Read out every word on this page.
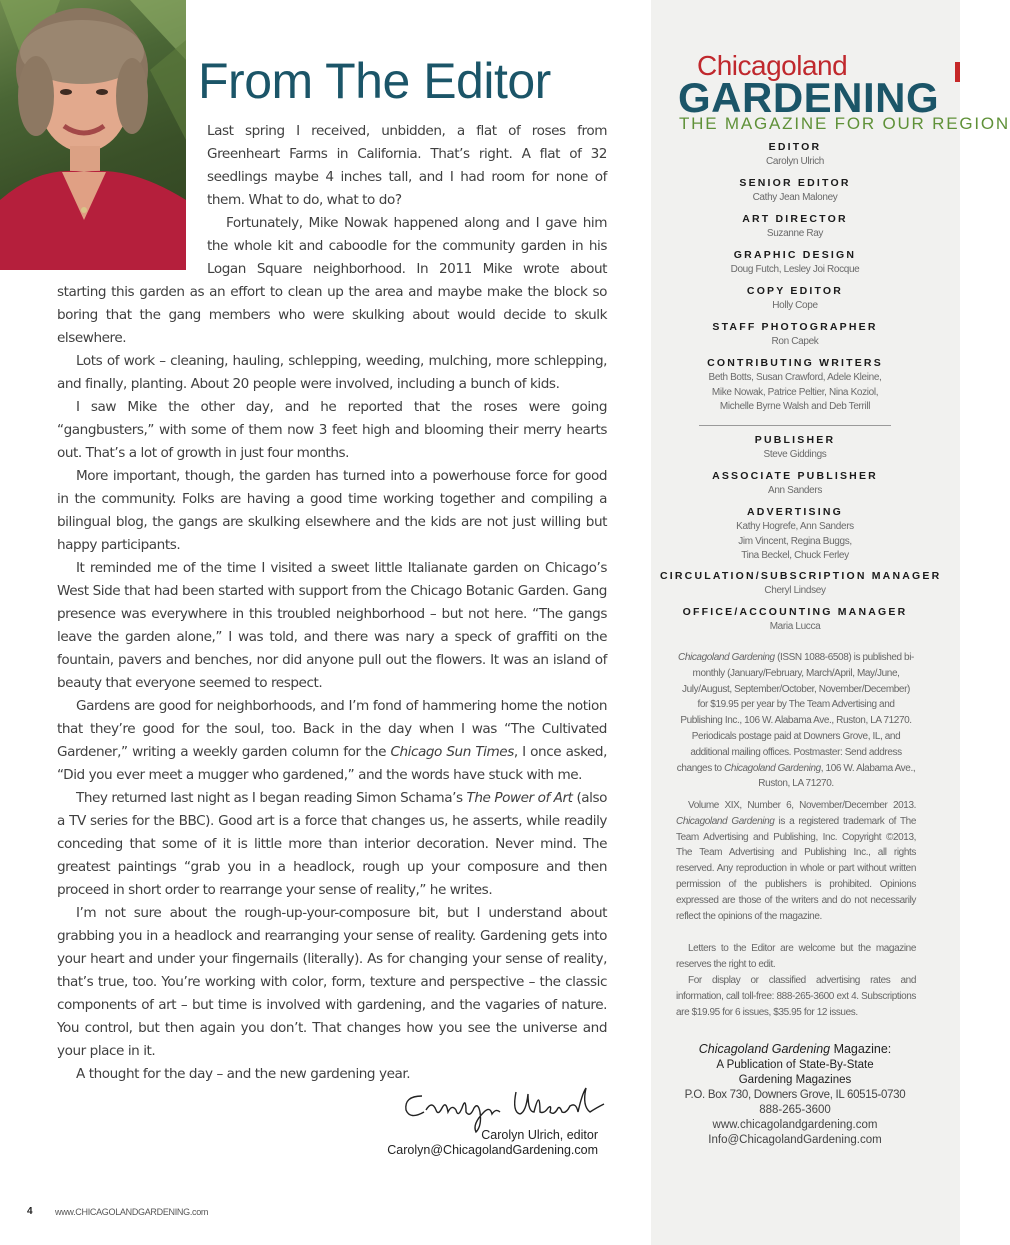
From The Editor

Last spring I received, unbidden, a flat of roses from Greenheart Farms in California. That’s right. A flat of 32 seedlings maybe 4 inches tall, and I had room for none of them. What to do, what to do?

Fortunately, Mike Nowak happened along and I gave him the whole kit and caboodle for the community garden in his Logan Square neighborhood. In 2011 Mike wrote about starting this garden as an effort to clean up the area and maybe make the block so boring that the gang members who were skulking about would decide to skulk elsewhere.

Lots of work – cleaning, hauling, schlepping, weeding, mulching, more schlepping, and finally, planting. About 20 people were involved, including a bunch of kids.

I saw Mike the other day, and he reported that the roses were going “gangbusters,” with some of them now 3 feet high and blooming their merry hearts out. That’s a lot of growth in just four months.

More important, though, the garden has turned into a powerhouse force for good in the community. Folks are having a good time working together and compiling a bilingual blog, the gangs are skulking elsewhere and the kids are not just willing but happy participants.

It reminded me of the time I visited a sweet little Italianate garden on Chicago’s West Side that had been started with support from the Chicago Botanic Garden. Gang presence was everywhere in this troubled neighborhood – but not here. “The gangs leave the garden alone,” I was told, and there was nary a speck of graffiti on the fountain, pavers and benches, nor did anyone pull out the flowers. It was an island of beauty that everyone seemed to respect.

Gardens are good for neighborhoods, and I’m fond of hammering home the notion that they’re good for the soul, too. Back in the day when I was “The Cultivated Gardener,” writing a weekly garden column for the Chicago Sun Times, I once asked, “Did you ever meet a mugger who gardened,” and the words have stuck with me.

They returned last night as I began reading Simon Schama’s The Power of Art (also a TV series for the BBC). Good art is a force that changes us, he asserts, while readily conceding that some of it is little more than interior decoration. Never mind. The greatest paintings “grab you in a headlock, rough up your composure and then proceed in short order to rearrange your sense of reality,” he writes.

I’m not sure about the rough-up-your-composure bit, but I understand about grabbing you in a headlock and rearranging your sense of reality. Gardening gets into your heart and under your fingernails (literally). As for changing your sense of reality, that’s true, too. You’re working with color, form, texture and perspective – the classic components of art – but time is involved with gardening, and the vagaries of nature. You control, but then again you don’t. That changes how you see the universe and your place in it.

A thought for the day – and the new gardening year.

Carolyn Ulrich, editor
Carolyn@ChicagolandGardening.com
4 www.CHICAGOLANDGARDENING.com
Chicagoland
GARDENING
THE MAGAZINE FOR OUR REGION
EDITOR
Carolyn Ulrich
SENIOR EDITOR
Cathy Jean Maloney
ART DIRECTOR
Suzanne Ray
GRAPHIC DESIGN
Doug Futch, Lesley Joi Rocque
COPY EDITOR
Holly Cope
STAFF PHOTOGRAPHER
Ron Capek
CONTRIBUTING WRITERS
Beth Botts, Susan Crawford, Adele Kleine,
Mike Nowak, Patrice Peltier, Nina Koziol,
Michelle Byrne Walsh and Deb Terrill
PUBLISHER
Steve Giddings
ASSOCIATE PUBLISHER
Ann Sanders
ADVERTISING
Kathy Hogrefe, Ann Sanders
Jim Vincent, Regina Buggs,
Tina Beckel, Chuck Ferley
CIRCULATION/SUBSCRIPTION MANAGER
Cheryl Lindsey
OFFICE/ACCOUNTING MANAGER
Maria Lucca

Chicagoland Gardening (ISSN 1088-6508) is published bi-monthly (January/February, March/April, May/June, July/August, September/October, November/December) for $19.95 per year by The Team Advertising and Publishing Inc., 106 W. Alabama Ave., Ruston, LA 71270. Periodicals postage paid at Downers Grove, IL, and additional mailing offices. Postmaster: Send address changes to Chicagoland Gardening, 106 W. Alabama Ave., Ruston, LA 71270.

Volume XIX, Number 6, November/December 2013. Chicagoland Gardening is a registered trademark of The Team Advertising and Publishing, Inc. Copyright ©2013, The Team Advertising and Publishing Inc., all rights reserved. Any reproduction in whole or part without written permission of the publishers is prohibited. Opinions expressed are those of the writers and do not necessarily reflect the opinions of the magazine.

Letters to the Editor are welcome but the magazine reserves the right to edit.

For display or classified advertising rates and information, call toll-free: 888-265-3600 ext 4. Subscriptions are $19.95 for 6 issues, $35.95 for 12 issues.

Chicagoland Gardening Magazine:
A Publication of State-By-State
Gardening Magazines
P.O. Box 730, Downers Grove, IL 60515-0730
888-265-3600
www.chicagolandgardening.com
Info@ChicagolandGardening.com
